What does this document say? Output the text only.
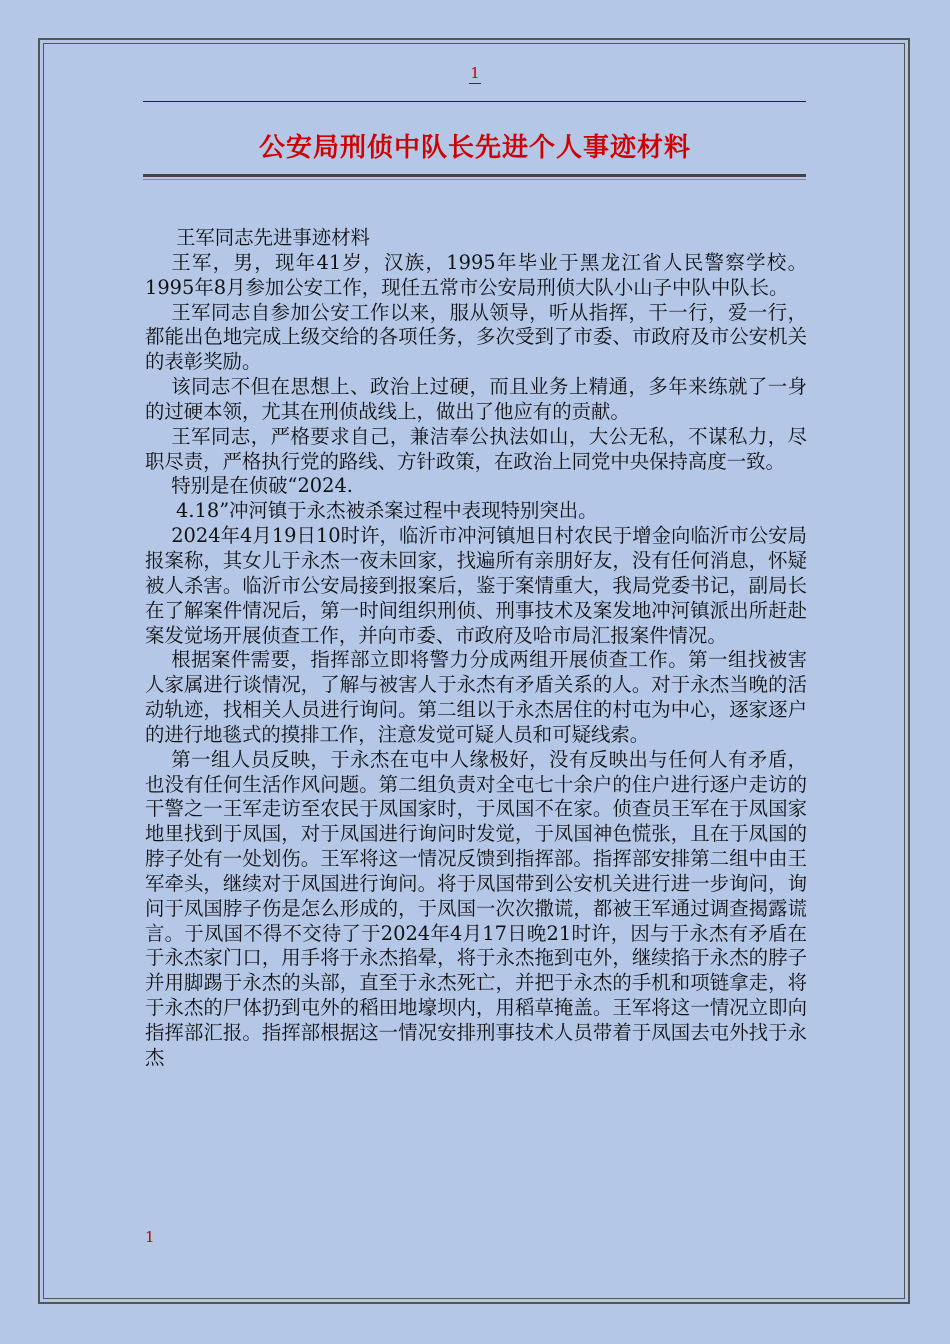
1
公安局刑侦中队长先进个人事迹材料

王军同志先进事迹材料

王军，男，现年41岁，汉族，1995年毕业于黑龙江省人民警察学校。1995年8月参加公安工作，现任五常市公安局刑侦大队小山子中队中队长。

王军同志自参加公安工作以来，服从领导，听从指挥，干一行，爱一行，都能出色地完成上级交给的各项任务，多次受到了市委、市政府及市公安机关的表彰奖励。

该同志不但在思想上、政治上过硬，而且业务上精通，多年来练就了一身的过硬本领，尤其在刑侦战线上，做出了他应有的贡献。

王军同志，严格要求自己，兼洁奉公执法如山，大公无私，不谋私力，尽职尽责，严格执行党的路线、方针政策，在政治上同党中央保持高度一致。

特别是在侦破“2024.

4.18”冲河镇于永杰被杀案过程中表现特别突出。

2024年4月19日10时许，临沂市冲河镇旭日村农民于增金向临沂市公安局报案称，其女儿于永杰一夜未回家，找遍所有亲朋好友，没有任何消息，怀疑被人杀害。临沂市公安局接到报案后，鉴于案情重大，我局党委书记，副局长在了解案件情况后，第一时间组织刑侦、刑事技术及案发地冲河镇派出所赶赴案发觉场开展侦查工作，并向市委、市政府及哈市局汇报案件情况。

根据案件需要，指挥部立即将警力分成两组开展侦查工作。第一组找被害人家属进行谈情况，了解与被害人于永杰有矛盾关系的人。对于永杰当晚的活动轨迹，找相关人员进行询问。第二组以于永杰居住的村屯为中心，逐家逐户的进行地毯式的摸排工作，注意发觉可疑人员和可疑线索。

第一组人员反映，于永杰在屯中人缘极好，没有反映出与任何人有矛盾，也没有任何生活作风问题。第二组负责对全屯七十余户的住户进行逐户走访的干警之一王军走访至农民于凤国家时，于凤国不在家。侦查员王军在于凤国家地里找到于凤国，对于凤国进行询问时发觉，于凤国神色慌张，且在于凤国的脖子处有一处划伤。王军将这一情况反馈到指挥部。指挥部安排第二组中由王军牵头，继续对于凤国进行询问。将于凤国带到公安机关进行进一步询问，询问于凤国脖子伤是怎么形成的，于凤国一次次撒谎，都被王军通过调查揭露谎言。于凤国不得不交待了于2024年4月17日晚21时许，因与于永杰有矛盾在于永杰家门口，用手将于永杰掐晕，将于永杰拖到屯外，继续掐于永杰的脖子并用脚踢于永杰的头部，直至于永杰死亡，并把于永杰的手机和项链拿走，将于永杰的尸体扔到屯外的稻田地壕坝内，用稻草掩盖。王军将这一情况立即向指挥部汇报。指挥部根据这一情况安排刑事技术人员带着于凤国去屯外找于永杰

1
